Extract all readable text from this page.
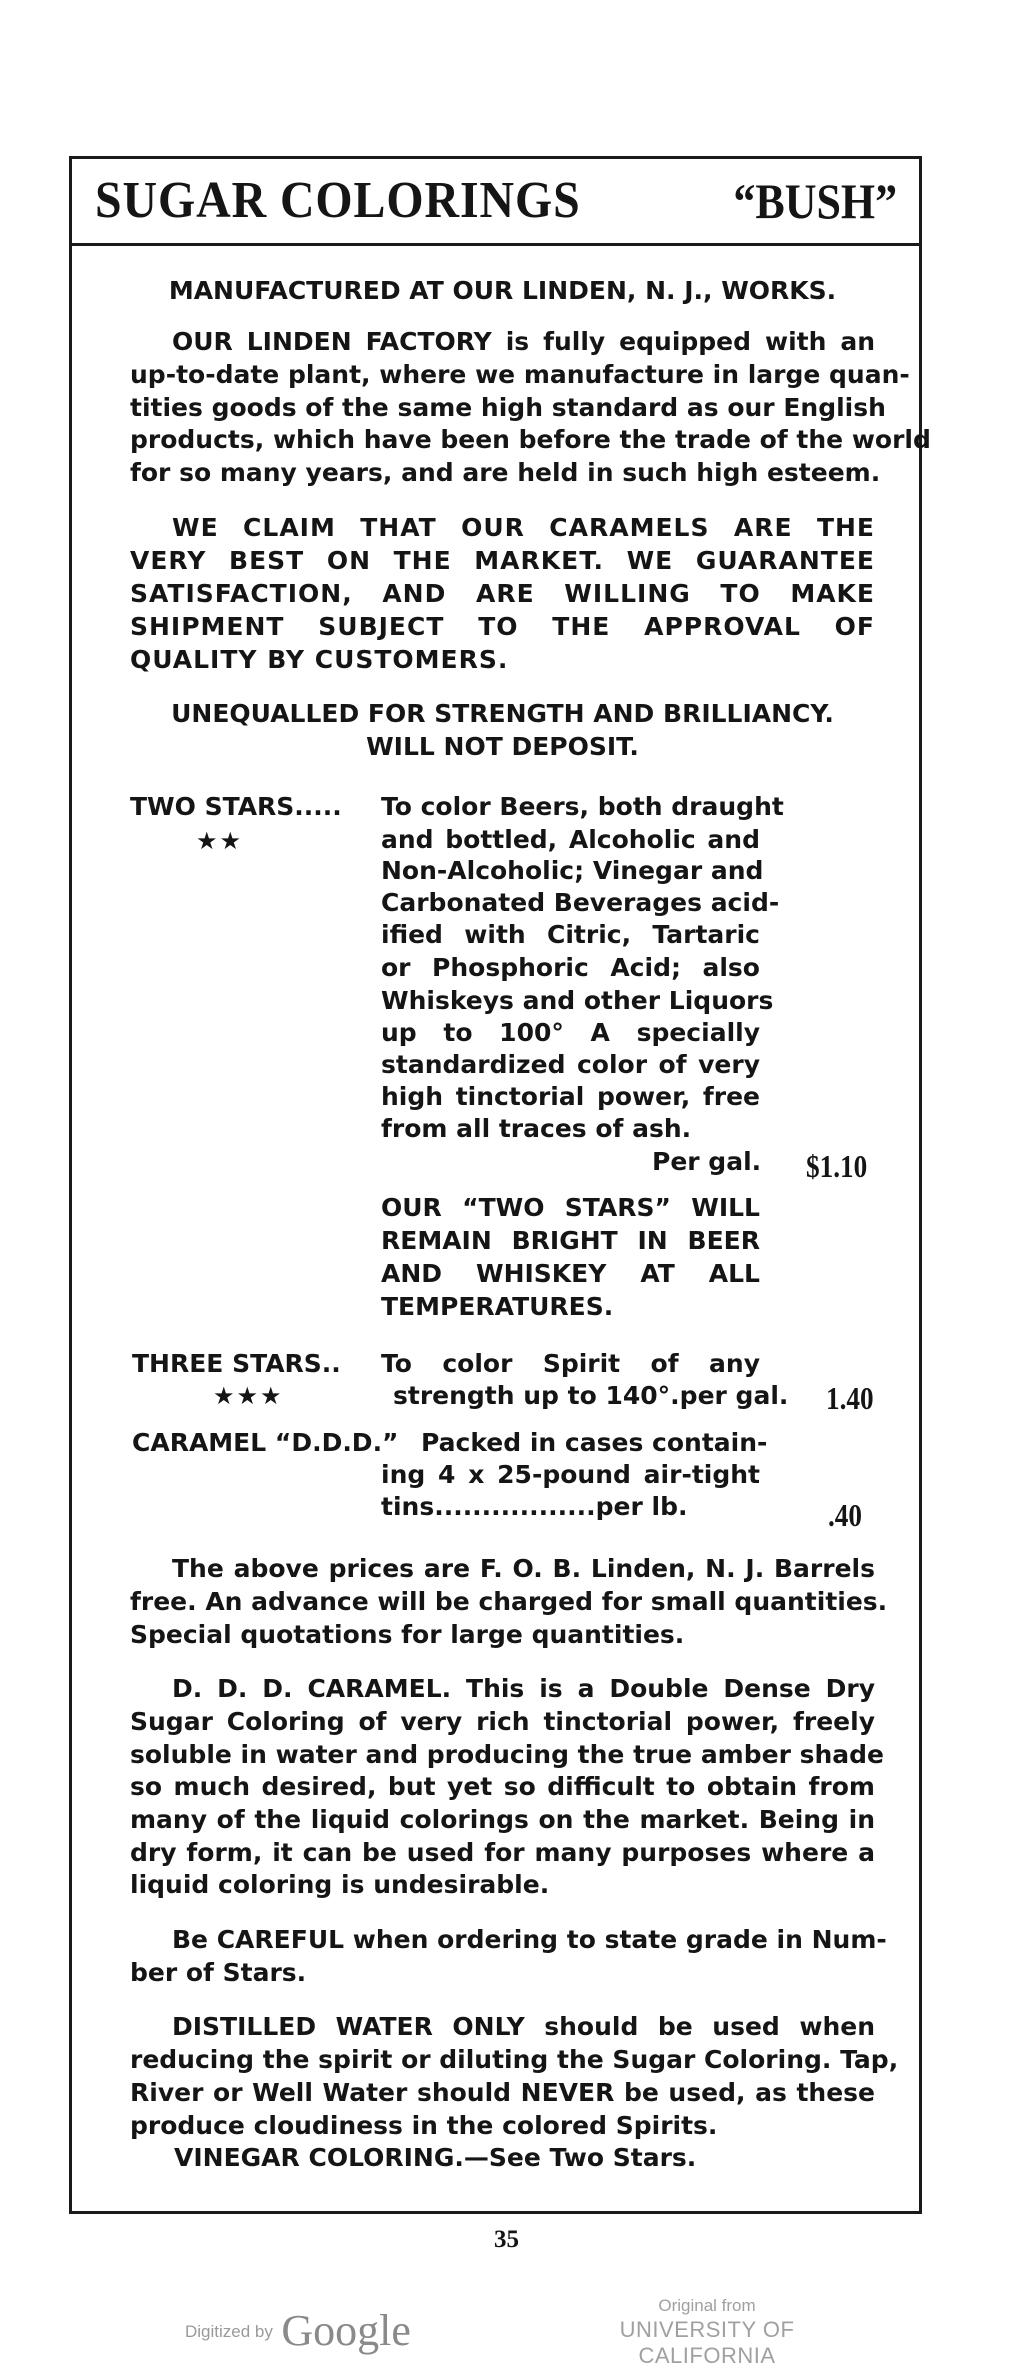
SUGAR COLORINGS	“BUSH”
MANUFACTURED AT OUR LINDEN, N. J., WORKS.
OUR LINDEN FACTORY is fully equipped with an
up-to-date plant, where we manufacture in large quan-
tities goods of the same high standard as our English
products, which have been before the trade of the world
for so many years, and are held in such high esteem.
WE CLAIM THAT OUR CARAMELS ARE THE
VERY BEST ON THE MARKET. WE GUARANTEE
SATISFACTION, AND ARE WILLING TO MAKE
SHIPMENT SUBJECT TO THE APPROVAL OF
QUALITY BY CUSTOMERS.
UNEQUALLED FOR STRENGTH AND BRILLIANCY.
WILL NOT DEPOSIT.
TWO STARS.....
★★
To color Beers, both draught
and bottled, Alcoholic and
Non-Alcoholic; Vinegar and
Carbonated Beverages acid-
ified with Citric, Tartaric
or Phosphoric Acid; also
Whiskeys and other Liquors
up to 100° A specially
standardized color of very
high tinctorial power, free
from all traces of ash.
Per gal. $1.10
OUR “TWO STARS” WILL
REMAIN BRIGHT IN BEER
AND WHISKEY AT ALL
TEMPERATURES.
THREE STARS..
★★★
To color Spirit of any
strength up to 140°.per gal. 1.40
CARAMEL “D.D.D.” Packed in cases contain-
ing 4 x 25-pound air-tight
tins.................per lb.	.40
The above prices are F. O. B. Linden, N. J. Barrels
free. An advance will be charged for small quantities.
Special quotations for large quantities.
D. D. D. CARAMEL. This is a Double Dense Dry
Sugar Coloring of very rich tinctorial power, freely
soluble in water and producing the true amber shade
so much desired, but yet so difficult to obtain from
many of the liquid colorings on the market. Being in
dry form, it can be used for many purposes where a
liquid coloring is undesirable.
Be CAREFUL when ordering to state grade in Num-
ber of Stars.
DISTILLED WATER ONLY should be used when
reducing the spirit or diluting the Sugar Coloring. Tap,
River or Well Water should NEVER be used, as these
produce cloudiness in the colored Spirits.
VINEGAR COLORING.—See Two Stars.
35
Digitized by Google
Original from
UNIVERSITY OF CALIFORNIA
